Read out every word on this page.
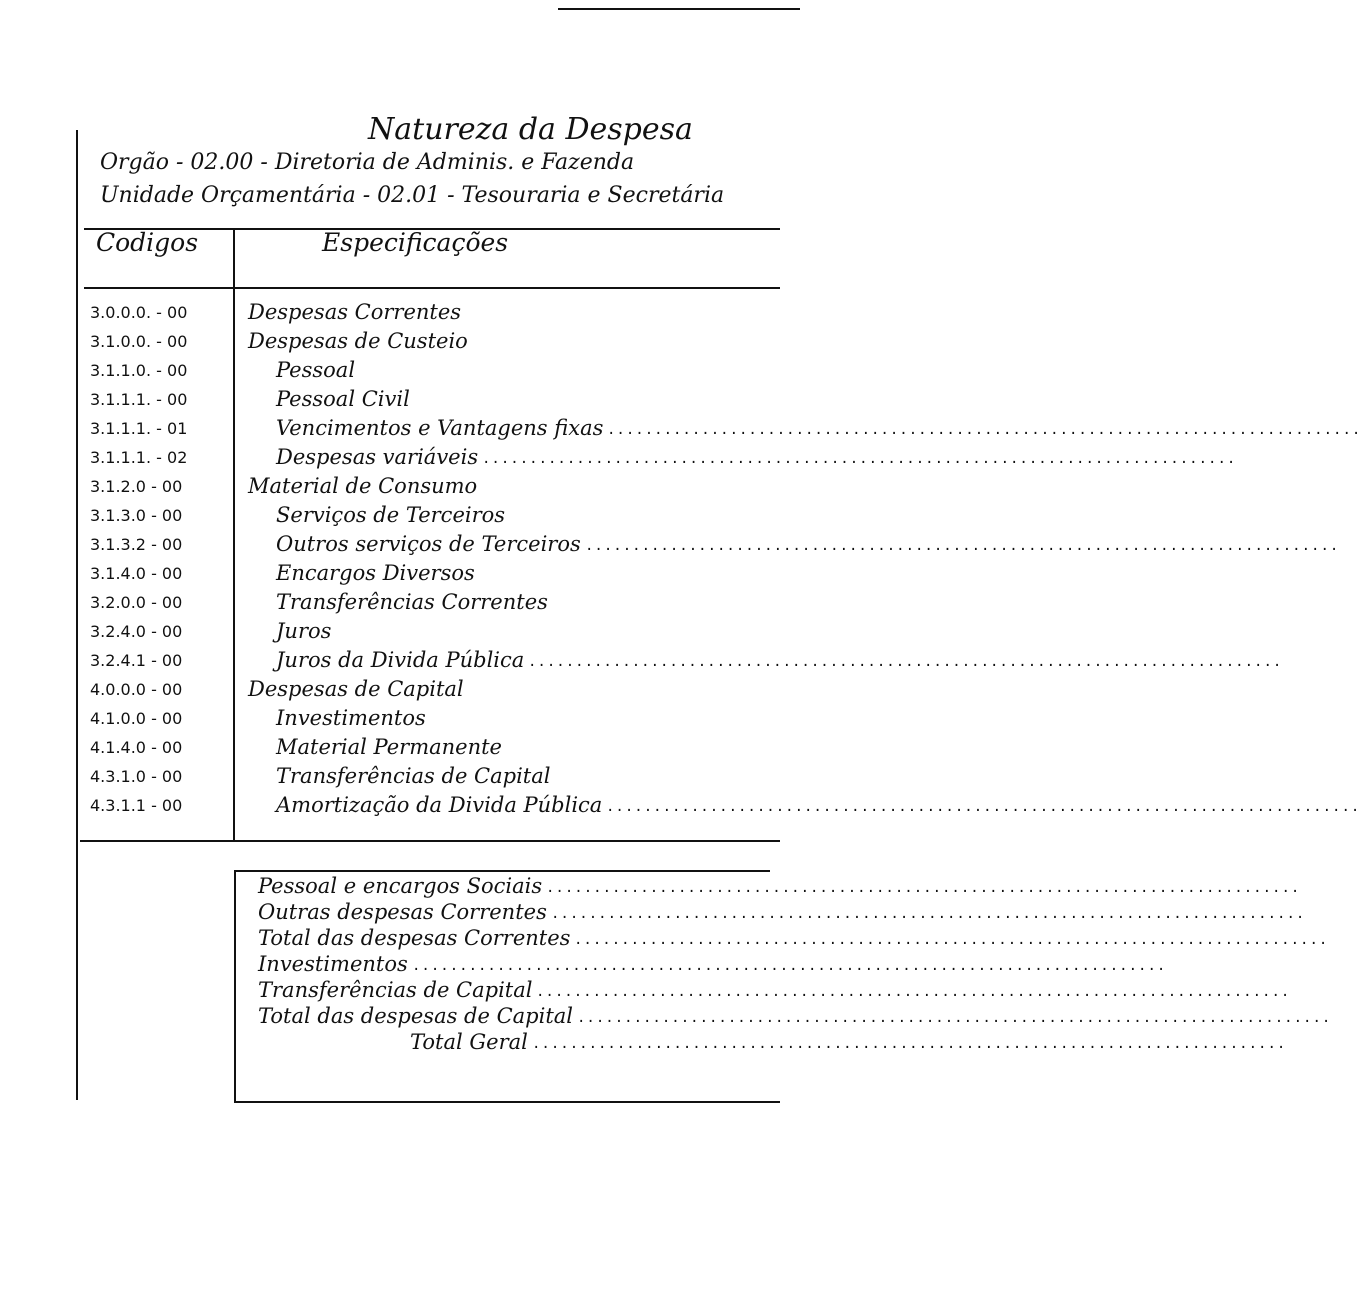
Natureza da Despesa
Orgão - 02.00 - Diretoria de Adminis. e Fazenda
Unidade Orçamentária - 02.01 - Tesouraria e Secretária
Codigos	Especificações
3.0.0.0. - 00	Despesas Correntes
3.1.0.0. - 00	Despesas de Custeio
3.1.1.0. - 00	Pessoal
3.1.1.1. - 00	Pessoal Civil
3.1.1.1. - 01	Vencimentos e Vantagens fixas ................................................................................
3.1.1.1. - 02	Despesas variáveis ................................................................................
3.1.2.0 - 00	Material de Consumo
3.1.3.0 - 00	Serviços de Terceiros
3.1.3.2 - 00	Outros serviços de Terceiros ................................................................................
3.1.4.0 - 00	Encargos Diversos
3.2.0.0 - 00	Transferências Correntes
3.2.4.0 - 00	Juros
3.2.4.1 - 00	Juros da Divida Pública ................................................................................
4.0.0.0 - 00	Despesas de Capital
4.1.0.0 - 00	Investimentos
4.1.4.0 - 00	Material Permanente
4.3.1.0 - 00	Transferências de Capital
4.3.1.1 - 00	Amortização da Divida Pública ................................................................................
Pessoal e encargos Sociais ................................................................................
Outras despesas Correntes ................................................................................
Total das despesas Correntes ................................................................................
Investimentos ................................................................................
Transferências de Capital ................................................................................
Total das despesas de Capital ................................................................................
Total Geral ................................................................................
